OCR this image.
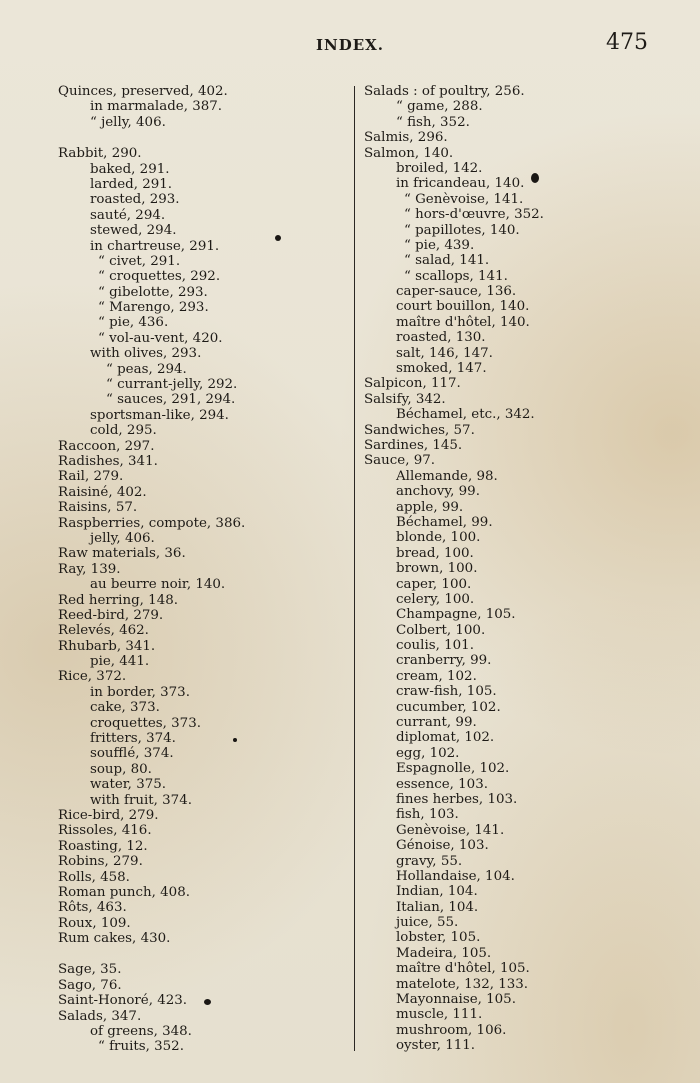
INDEX.	475
Quinces, preserved, 402.
in marmalade, 387.
“ jelly, 406.
Rabbit, 290.
baked, 291.
larded, 291.
roasted, 293.
sauté, 294.
stewed, 294.
in chartreuse, 291.
“ civet, 291.
“ croquettes, 292.
“ gibelotte, 293.
“ Marengo, 293.
“ pie, 436.
“ vol-au-vent, 420.
with olives, 293.
“ peas, 294.
“ currant-jelly, 292.
“ sauces, 291, 294.
sportsman-like, 294.
cold, 295.
Raccoon, 297.
Radishes, 341.
Rail, 279.
Raisiné, 402.
Raisins, 57.
Raspberries, compote, 386.
jelly, 406.
Raw materials, 36.
Ray, 139.
au beurre noir, 140.
Red herring, 148.
Reed-bird, 279.
Relevés, 462.
Rhubarb, 341.
pie, 441.
Rice, 372.
in border, 373.
cake, 373.
croquettes, 373.
fritters, 374.
soufflé, 374.
soup, 80.
water, 375.
with fruit, 374.
Rice-bird, 279.
Rissoles, 416.
Roasting, 12.
Robins, 279.
Rolls, 458.
Roman punch, 408.
Rôts, 463.
Roux, 109.
Rum cakes, 430.
Sage, 35.
Sago, 76.
Saint-Honoré, 423.
Salads, 347.
of greens, 348.
“ fruits, 352.
Salads : of poultry, 256.
“ game, 288.
“ fish, 352.
Salmis, 296.
Salmon, 140.
broiled, 142.
in fricandeau, 140.
“ Genèvoise, 141.
“ hors-d'œuvre, 352.
“ papillotes, 140.
“ pie, 439.
“ salad, 141.
“ scallops, 141.
caper-sauce, 136.
court bouillon, 140.
maître d'hôtel, 140.
roasted, 130.
salt, 146, 147.
smoked, 147.
Salpicon, 117.
Salsify, 342.
Béchamel, etc., 342.
Sandwiches, 57.
Sardines, 145.
Sauce, 97.
Allemande, 98.
anchovy, 99.
apple, 99.
Béchamel, 99.
blonde, 100.
bread, 100.
brown, 100.
caper, 100.
celery, 100.
Champagne, 105.
Colbert, 100.
coulis, 101.
cranberry, 99.
cream, 102.
craw-fish, 105.
cucumber, 102.
currant, 99.
diplomat, 102.
egg, 102.
Espagnolle, 102.
essence, 103.
fines herbes, 103.
fish, 103.
Genèvoise, 141.
Génoise, 103.
gravy, 55.
Hollandaise, 104.
Indian, 104.
Italian, 104.
juice, 55.
lobster, 105.
Madeira, 105.
maître d'hôtel, 105.
matelote, 132, 133.
Mayonnaise, 105.
muscle, 111.
mushroom, 106.
oyster, 111.
